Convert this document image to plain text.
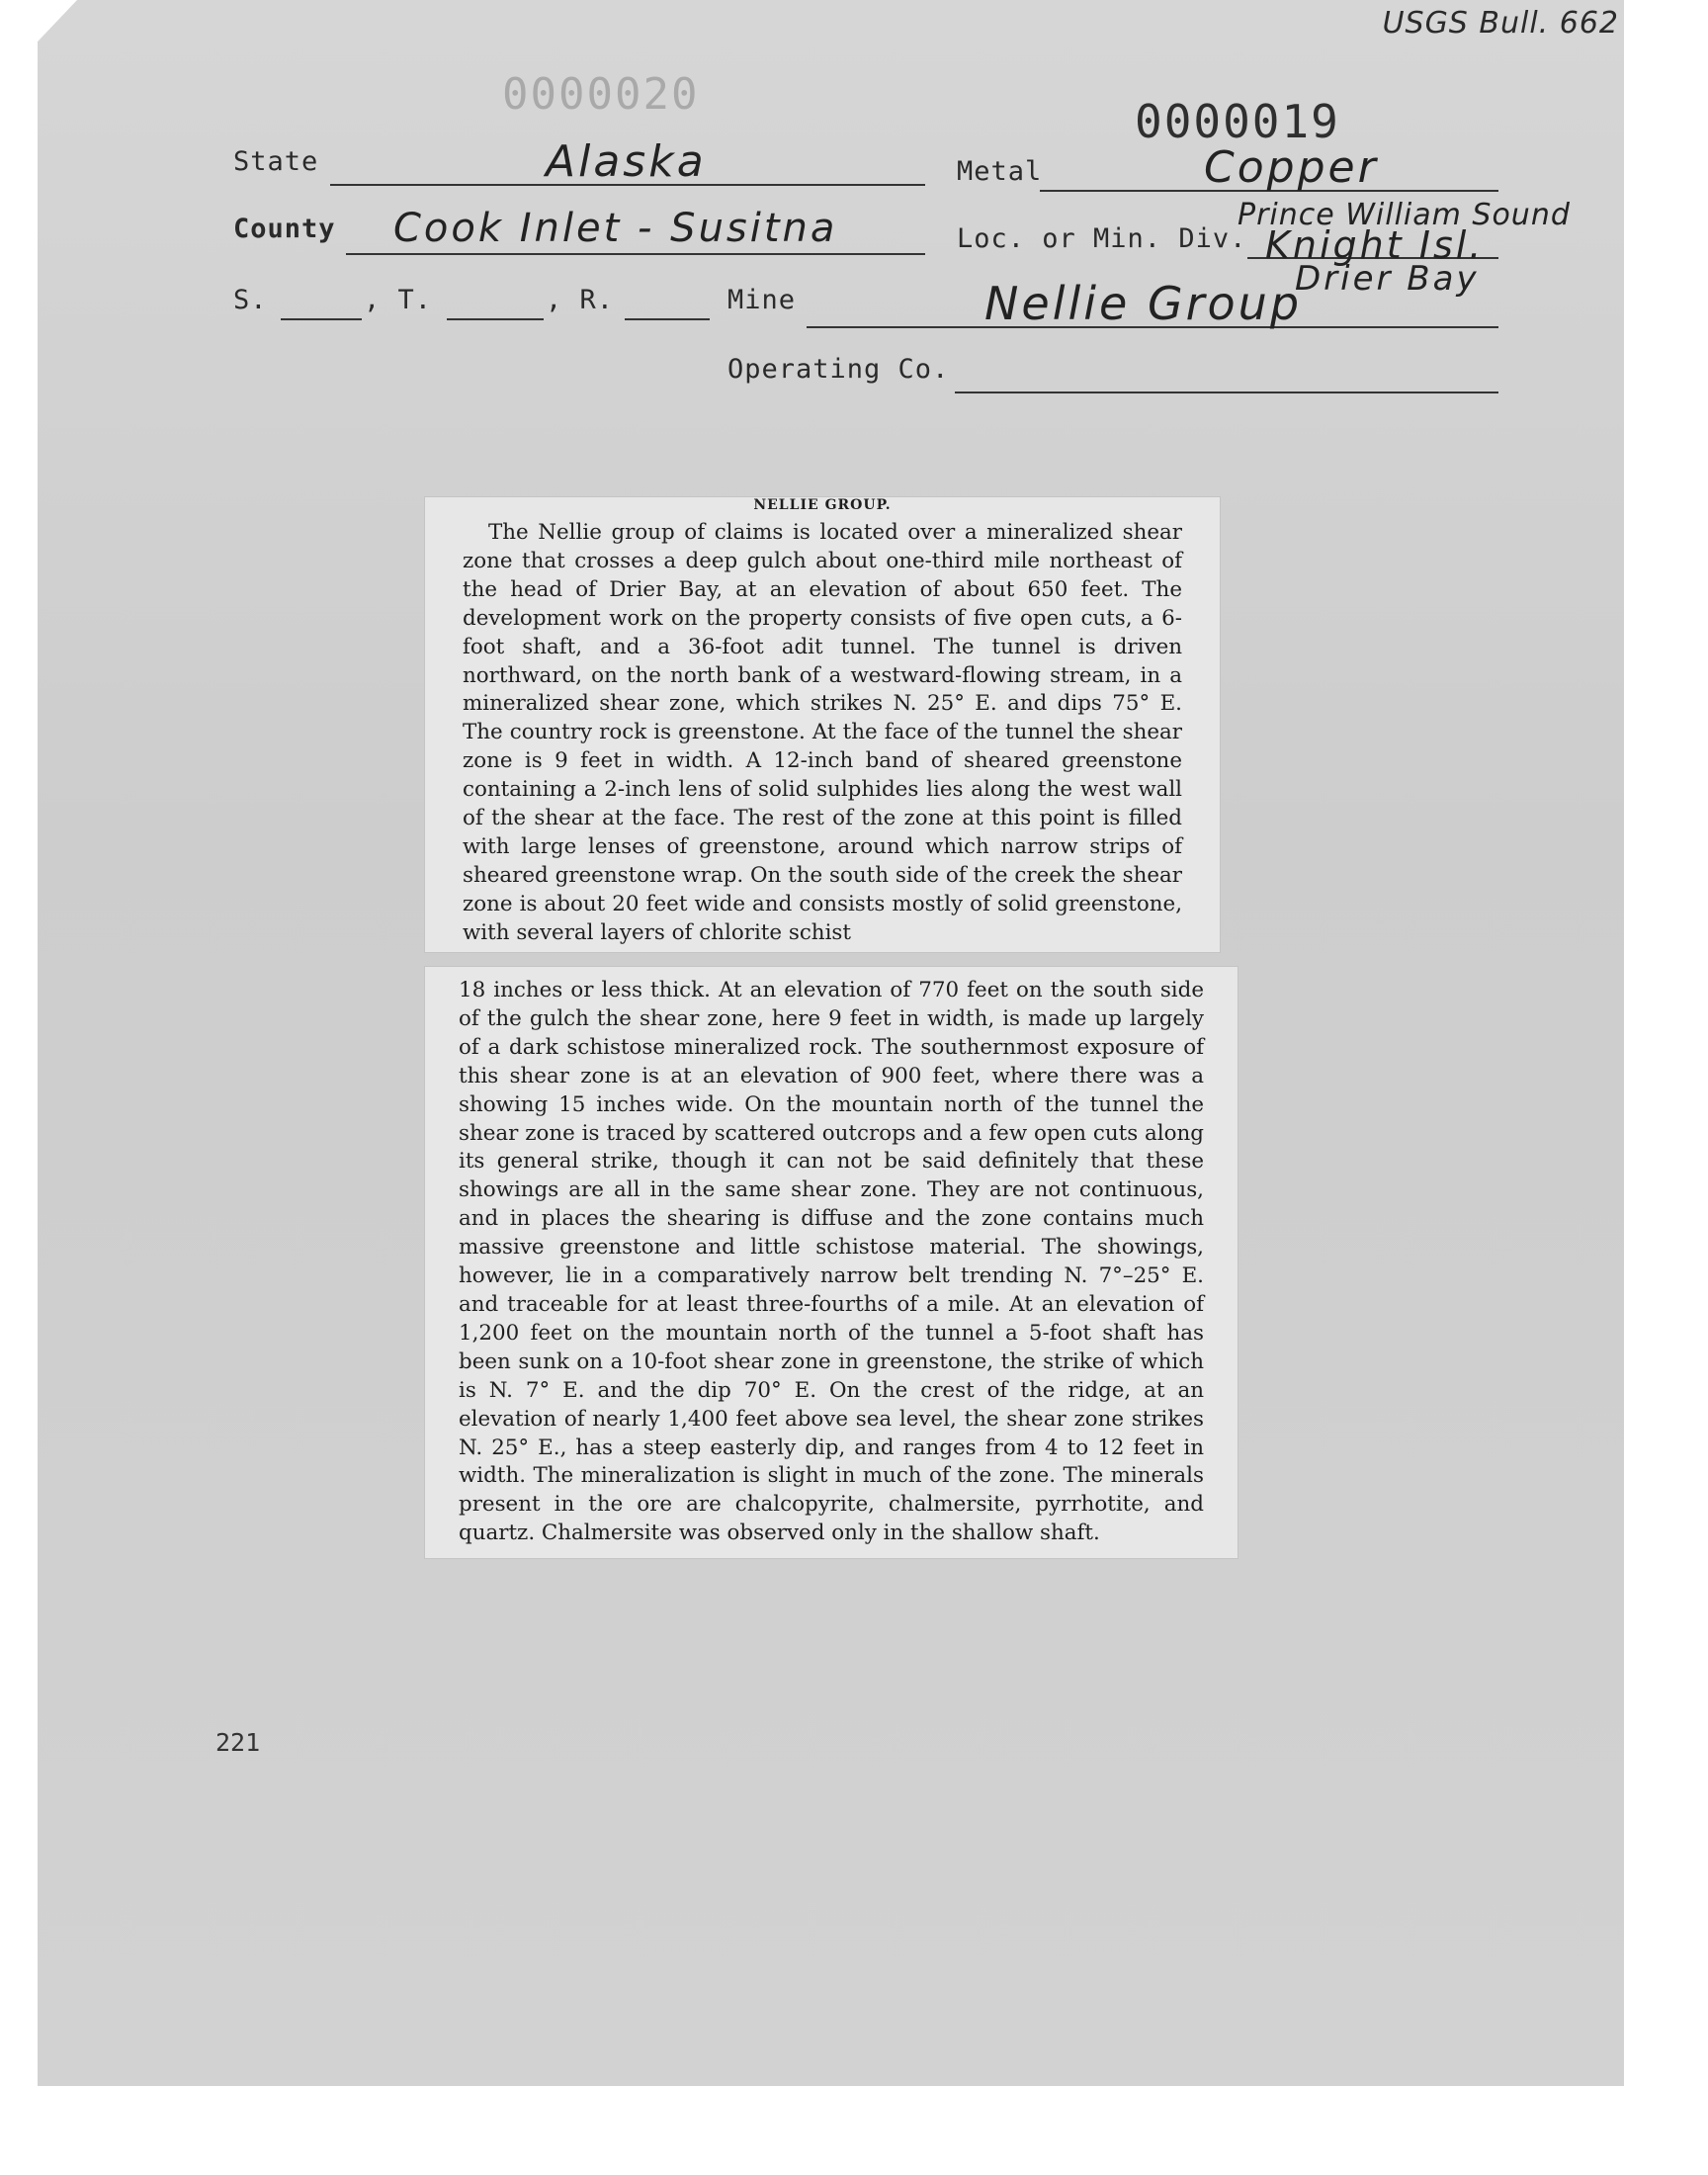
USGS Bull. 662
0000020
0000019
State	Alaska	Metal	Copper
County Cook Inlet - Susitna	Loc. or Min. Div.
Prince William Sound
Knight Isl.
Drier Bay
S.	, T.	, R.	Mine	Nellie Group
Operating Co.
NELLIE GROUP.

The Nellie group of claims is located over a mineralized shear zone that crosses a deep gulch about one-third mile northeast of the head of Drier Bay, at an elevation of about 650 feet. The development work on the property consists of five open cuts, a 6-foot shaft, and a 36-foot adit tunnel. The tunnel is driven northward, on the north bank of a westward-flowing stream, in a mineralized shear zone, which strikes N. 25° E. and dips 75° E. The country rock is greenstone. At the face of the tunnel the shear zone is 9 feet in width. A 12-inch band of sheared greenstone containing a 2-inch lens of solid sulphides lies along the west wall of the shear at the face. The rest of the zone at this point is filled with large lenses of greenstone, around which narrow strips of sheared greenstone wrap. On the south side of the creek the shear zone is about 20 feet wide and consists mostly of solid greenstone, with several layers of chlorite schist

18 inches or less thick. At an elevation of 770 feet on the south side of the gulch the shear zone, here 9 feet in width, is made up largely of a dark schistose mineralized rock. The southernmost exposure of this shear zone is at an elevation of 900 feet, where there was a showing 15 inches wide. On the mountain north of the tunnel the shear zone is traced by scattered outcrops and a few open cuts along its general strike, though it can not be said definitely that these showings are all in the same shear zone. They are not continuous, and in places the shearing is diffuse and the zone contains much massive greenstone and little schistose material. The showings, however, lie in a comparatively narrow belt trending N. 7°–25° E. and traceable for at least three-fourths of a mile. At an elevation of 1,200 feet on the mountain north of the tunnel a 5-foot shaft has been sunk on a 10-foot shear zone in greenstone, the strike of which is N. 7° E. and the dip 70° E. On the crest of the ridge, at an elevation of nearly 1,400 feet above sea level, the shear zone strikes N. 25° E., has a steep easterly dip, and ranges from 4 to 12 feet in width. The mineralization is slight in much of the zone. The minerals present in the ore are chalcopyrite, chalmersite, pyrrhotite, and quartz. Chalmersite was observed only in the shallow shaft.

221
